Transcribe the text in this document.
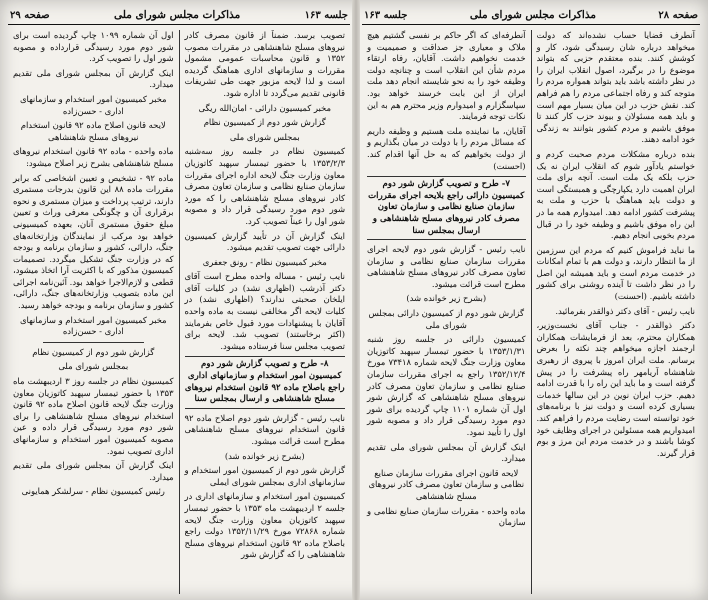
جلسه ۱۶۳
مذاکرات مجلس شورای ملی
صفحه ۲۹
تصویب برسد. ضمناً از قانون مصرف کادر نیروهای مسلح شاهنشاهی در مقررات مصوب ۱۳۵۲ و قانون محاسبات عمومی مشمول مقررات و سازمانهای اداری هماهنگ گردیده است و لذا لایحه مزبور جهت طی تشریفات قانونی تقدیم می‌گردد تا اداره شود.
مخبر کمیسیون دارائی - امان‌الله ریگی
گزارش شور دوم از کمیسیون نظام
بمجلس شورای ملی
کمیسیون نظام در جلسه روز سه‌شنبه ۱۳۵۳/۲/۳ با حضور تیمسار سپهبد کاتوزیان معاون وزارت جنگ لایحه اداره اجرای مقررات سازمان صنایع نظامی و سازمان تعاون مصرف کادر نیروهای مسلح شاهنشاهی را که مورد شور دوم مورد رسیدگی قرار داد و مصوبه شور اول را عیناً تصویب کرد.
اینک گزارش آن در تأیید گزارش کمیسیون دارائی جهت تصویب تقدیم میشود.
مخبر کمیسیون نظام - رونق جعفری
نایب رئیس - مساله واحده مطرح است آقای دکتر آذرشب (اظهاری نشد) در کلیات آقای ایلخان صحبتی ندارند؟ (اظهاری نشد) در کلیات لایحه اگر مخالفی نیست به ماده واحده آقایان با پیشنهادات مورد قبول خاص بفرمایند (اکثر برخاستند) تصویب شد. لایحه برای تصویب مجلس سنا فرستاده میشود.
۸- طرح و تصویب گزارش شور دوم کمیسیون امور استخدام و سازمانهای اداری راجع باصلاح ماده ۹۲ قانون استخدام نیروهای مسلح شاهنشاهی و ارسال بمجلس سنا
نایب رئیس - گزارش شور دوم اصلاح ماده ۹۲ قانون استخدام نیروهای مسلح شاهنشاهی مطرح است قرائت میشود.
(بشرح زیر خوانده شد)
گزارش شور دوم از کمیسیون امور استخدام و سازمانهای اداری بمجلس شورای ایملی
کمیسیون امور استخدام و سازمانهای اداری در جلسه ۲ اردیبهشت ماه ۱۳۵۳ با حضور تیمسار سپهبد کاتوزیان معاون وزارت جنگ لایحه شماره ۷۲۸۶۸ مورخ ۱۳۵۲/۱۱/۲۹ دولت راجع باصلاح ماده ۹۲ قانون استخدام نیروهای مسلح شاهنشاهی را که گزارش شور
اول آن شماره ۱۰۹۹ چاپ گردیده است برای شور دوم مورد رسیدگی قرارداده و مصوبه شور اول را تصویب کرد.
اینک گزارش آن بمجلس شورای ملی تقدیم میدارد.
مخبر کمیسیون امور استخدام و سازمانهای اداری - حسن‌زاده
لایحه قانون اصلاح ماده ۹۲ قانون استخدام نیروهای مسلح شاهنشاهی
ماده واحده - ماده ۹۲ قانون استخدام نیروهای مسلح شاهنشاهی بشرح زیر اصلاح میشود:
ماده ۹۲ - تشخیص و تعیین اشخاصی که برابر مقررات ماده ۸۸ این قانون بدرجات مستمری دارند، ترتیب پرداخت و میزان مستمری و نحوه برقراری آن و چگونگی معرفی وراث و تعیین مبلغ حقوق مستمری آنان، بعهده کمیسیونی خواهد بود مرکب از نمایندگان وزارتخانه‌های جنگ، دارائی، کشور و سازمان برنامه و بودجه که در وزارت جنگ تشکیل میگردد. تصمیمات کمیسیون مذکور که با اکثریت آرا اتخاذ میشود، قطعی و لازم‌الاجرا خواهد بود. آئین‌نامه اجرائی این ماده بتصویب وزارتخانه‌های جنگ، دارائی، کشور و سازمان برنامه و بودجه خواهد رسید.
مخبر کمیسیون امور استخدام و سازمانهای اداری - حسن‌زاده
گزارش شور دوم از کمیسیون نظام
بمجلس شورای ملی
کمیسیون نظام در جلسه روز ۳ اردیبهشت ماه ۱۳۵۳ با حضور تیمسار سپهبد کاتوزیان معاون وزارت جنگ لایحه قانون اصلاح ماده ۹۲ قانون استخدام نیروهای مسلح شاهنشاهی را برای شور دوم مورد رسیدگی قرار داده و عین مصوبه کمیسیون امور استخدام و سازمانهای اداری تصویب نمود.
اینک گزارش آن بمجلس شورای ملی تقدیم میدارد.
رئیس کمیسیون نظام - سرلشکر همایونی
صفحه ۲۸
مذاکرات مجلس شورای ملی
جلسه ۱۶۳
آنطرف قضایا حساب نشده‌اند که دولت میخواهد درباره شان رسیدگی شود، کار و کوشش کنند. بنده معتقدم حزبی که بتواند موضوع را در برگیرد، اصول انقلاب ایران را در نظر داشته باشد باید بتواند همواره مردم را متوجه کند و رفاه اجتماعی مردم را هم فراهم کند. نقش حزب در این میان بسیار مهم است و باید همه مسئولان و بیوند حزب کار کنند تا موفق باشیم و مردم کشور بتوانند به زندگی خود ادامه دهند.
بنده درباره مشکلات مردم صحبت کردم و خواستم یادآور شوم که انقلاب ایران نه یک حزب بلکه یک ملت است. آنچه برای ملت ایران اهمیت دارد یکپارچگی و همبستگی است و دولت باید هماهنگ با حزب و ملت به پیشرفت کشور ادامه دهد. امیدوارم همه ما در این راه موفق باشیم و وظیفه خود را در قبال مردم بخوبی انجام دهیم.
ما نباید فراموش کنیم که مردم این سرزمین از ما انتظار دارند، و دولت هم با تمام امکانات در خدمت مردم است و باید همیشه این اصل را در نظر داشت تا آینده روشنی برای کشور داشته باشیم. (احسنت)
نایب رئیس - آقای دکتر ذوالقدر بفرمائید.
دکتر ذوالقدر - جناب آقای نخست‌وزیر، همکاران محترم، بعد از فرمایشات همکاران ارجمند اجازه میخواهم چند نکته را بعرض برسانم. ملت ایران امروز با پیروی از رهبری شاهنشاه آریامهر راه پیشرفت را در پیش گرفته است و ما باید این راه را با قدرت ادامه دهیم. حزب ایران نوین در این سالها خدمات بسیاری کرده است و دولت نیز با برنامه‌های خود توانسته است رضایت مردم را فراهم کند. امیدواریم همه مسئولین در اجرای وظایف خود کوشا باشند و در خدمت مردم این مرز و بوم قرار گیرند.
آنطرفه‌ای که اگر حاکم بر نفسی گشتیم هیچ ملاک و معیاری جز صداقت و صمیمیت و خدمت نخواهیم داشت. آقایان، رفاه ارتقاء مردم شأن این انقلاب است و چنانچه دولت وظیفه خود را به نحو شایسته انجام دهد ملت ایران از این بابت خرسند خواهد بود. سپاسگزارم و امیدوارم وزیر محترم هم به این نکات توجه فرمایند.
آقایان، ما نماینده ملت هستیم و وظیفه داریم که مسائل مردم را با دولت در میان بگذاریم و از دولت بخواهیم که به حل آنها اقدام کند. (احسنت)
۷- طرح و تصویب گزارش شور دوم کمیسیون دارائی راجع بلایحه اجرای مقررات سازمان صنایع نظامی و سازمان تعاون مصرف کادر نیروهای مسلح شاهنشاهی و ارسال بمجلس سنا
نایب رئیس - گزارش شور دوم لایحه اجرای مقررات سازمان صنایع نظامی و سازمان تعاون مصرف کادر نیروهای مسلح شاهنشاهی مطرح است قرائت میشود.
(بشرح زیر خوانده شد)
گزارش شور دوم از کمیسیون دارائی بمجلس شورای ملی
کمیسیون دارائی در جلسه روز شنبه ۱۳۵۳/۱/۳۱ با حضور تیمسار سپهبد کاتوزیان معاون وزارت جنگ لایحه شماره ۷۳۴۱۸ مورخ ۱۳۵۲/۱۲/۴ راجع به اجرای مقررات سازمان صنایع نظامی و سازمان تعاون مصرف کادر نیروهای مسلح شاهنشاهی که گزارش شور اول آن شماره ۱۱۰۱ چاپ گردیده برای شور دوم مورد رسیدگی قرار داد و مصوبه شور اول را تأیید نمود.
اینک گزارش آن بمجلس شورای ملی تقدیم میدارد.
لایحه قانون اجرای مقررات سازمان صنایع نظامی و سازمان تعاون مصرف کادر نیروهای مسلح شاهنشاهی
ماده واحده - مقررات سازمان صنایع نظامی و سازمان
